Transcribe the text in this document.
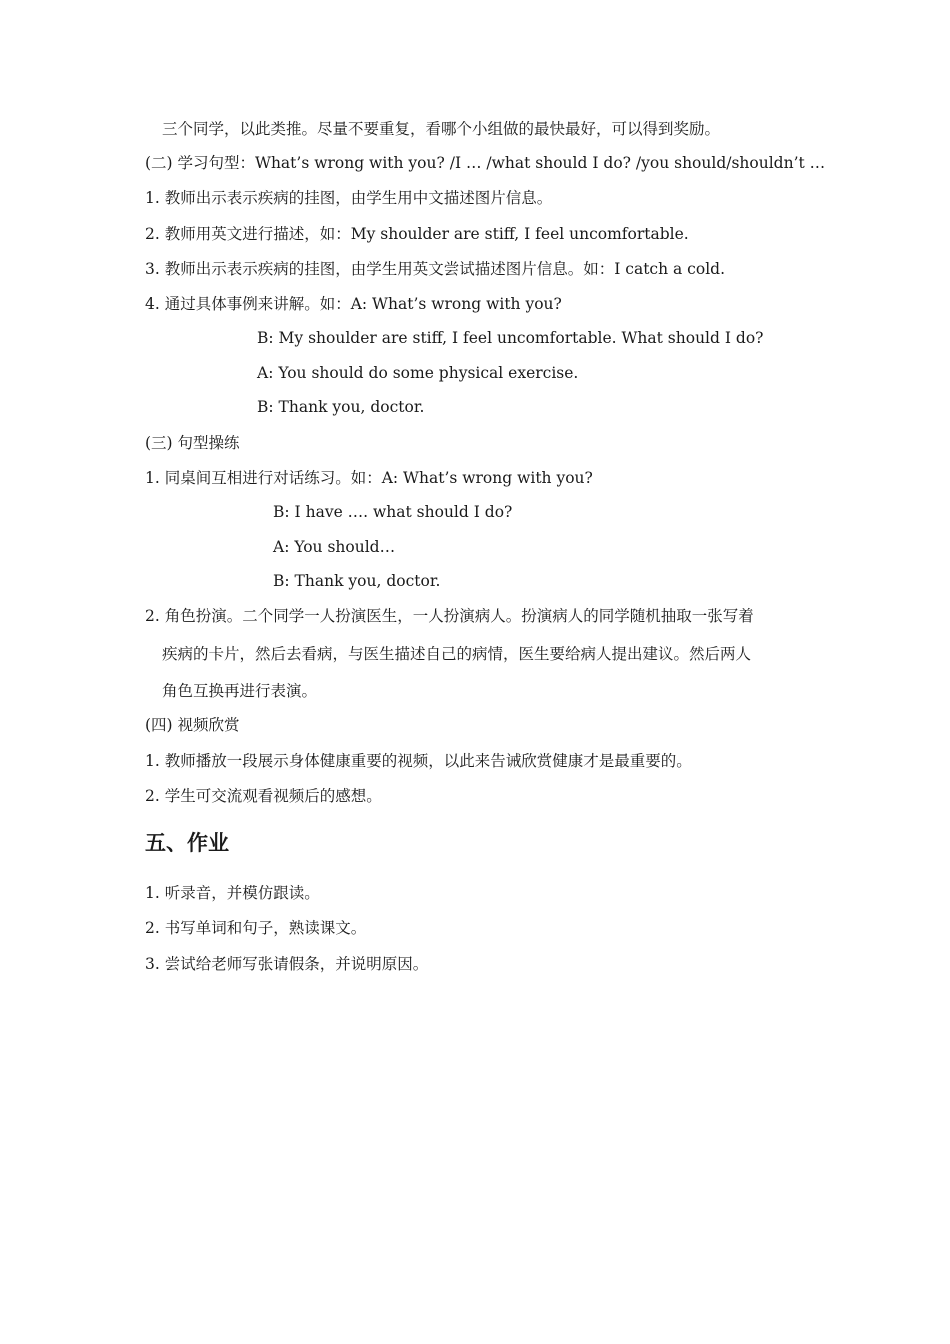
三个同学，以此类推。尽量不要重复，看哪个小组做的最快最好，可以得到奖励。
(二) 学习句型：What’s wrong with you? /I … /what should I do? /you should/shouldn’t …
1. 教师出示表示疾病的挂图，由学生用中文描述图片信息。
2. 教师用英文进行描述，如：My shoulder are stiff, I feel uncomfortable.
3. 教师出示表示疾病的挂图，由学生用英文尝试描述图片信息。如：I catch a cold.
4. 通过具体事例来讲解。如：A: What’s wrong with you?
B: My shoulder are stiff, I feel uncomfortable. What should I do?
A: You should do some physical exercise.
B: Thank you, doctor.
(三) 句型操练
1. 同桌间互相进行对话练习。如：A: What’s wrong with you?
B: I have …. what should I do?
A: You should…
B: Thank you, doctor.
2. 角色扮演。二个同学一人扮演医生，一人扮演病人。扮演病人的同学随机抽取一张写着
疾病的卡片，然后去看病，与医生描述自己的病情，医生要给病人提出建议。然后两人
角色互换再进行表演。
(四) 视频欣赏
1. 教师播放一段展示身体健康重要的视频，以此来告诫欣赏健康才是最重要的。
2. 学生可交流观看视频后的感想。
五、作业
1. 听录音，并模仿跟读。
2. 书写单词和句子，熟读课文。
3. 尝试给老师写张请假条，并说明原因。
